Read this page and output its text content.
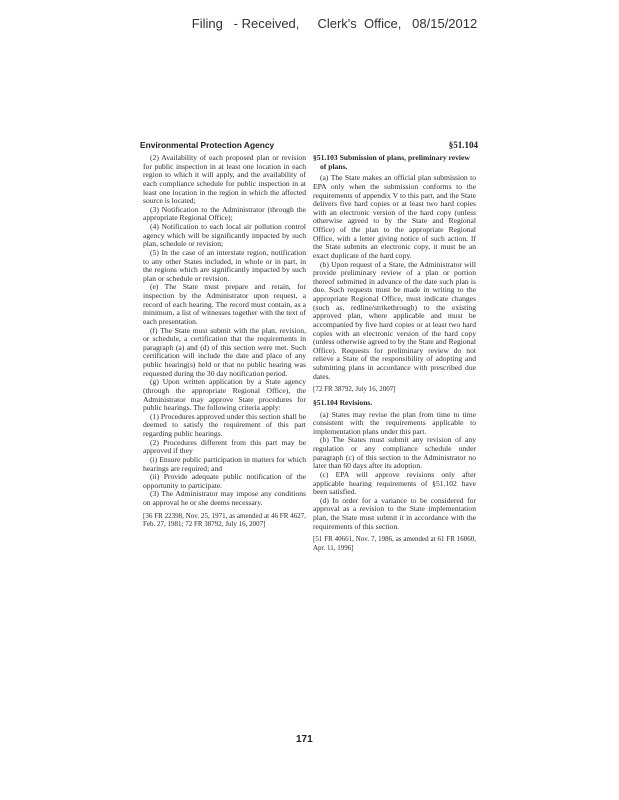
Filing   - Received,     Clerk's  Office,   08/15/2012
Environmental Protection Agency	§51.104

(2) Availability of each proposed plan or revision for public inspection in at least one location in each region to which it will apply, and the availability of each compliance schedule for public inspection in at least one location in the region in which the affected source is located;

(3) Notification to the Administrator (through the appropriate Regional Office);

(4) Notification to each local air pollution control agency which will be significantly impacted by such plan, schedule or revision;

(5) In the case of an interstate region, notification to any other States included, in whole or in part, in the regions which are significantly impacted by such plan or schedule or revision.

(e) The State must prepare and retain, for inspection by the Administrator upon request, a record of each hearing. The record must contain, as a minimum, a list of witnesses together with the text of each presentation.

(f) The State must submit with the plan, revision, or schedule, a certification that the requirements in paragraph (a) and (d) of this section were met. Such certification will include the date and place of any public hearing(s) held or that no public hearing was requested during the 30 day notification period.

(g) Upon written application by a State agency (through the appropriate Regional Office), the Administrator may approve State procedures for public hearings. The following criteria apply:

(1) Procedures approved under this section shall be deemed to satisfy the requirement of this part regarding public hearings.

(2) Procedures different from this part may be approved if they

(i) Ensure public participation in matters for which hearings are required; and

(ii) Provide adequate public notification of the opportunity to participate.

(3) The Administrator may impose any conditions on approval he or she deems necessary.

[36 FR 22398, Nov. 25, 1971, as amended at 46 FR 4627, Feb. 27, 1981; 72 FR 38792, July 16, 2007]

§51.103 Submission of plans, preliminary review of plans.

(a) The State makes an official plan submission to EPA only when the submission conforms to the requirements of appendix V to this part, and the State delivers five hard copies or at least two hard copies with an electronic version of the hard copy (unless otherwise agreed to by the State and Regional Office) of the plan to the appropriate Regional Office, with a letter giving notice of such action. If the State submits an electronic copy, it must be an exact duplicate of the hard copy.

(b) Upon request of a State, the Administrator will provide preliminary review of a plan or portion thereof submitted in advance of the date such plan is due. Such requests must be made in writing to the appropriate Regional Office, must indicate changes (such as, redline/strikethrough) to the existing approved plan, where applicable and must be accompanied by five hard copies or at least two hard copies with an electronic version of the hard copy (unless otherwise agreed to by the State and Regional Office). Requests for preliminary review do not relieve a State of the responsibility of adopting and submitting plans in accordance with prescribed due dates.

[72 FR 38792, July 16, 2007]

§51.104 Revisions.

(a) States may revise the plan from time to time consistent with the requirements applicable to implementation plans under this part.

(b) The States must submit any revision of any regulation or any compliance schedule under paragraph (c) of this section to the Administrator no later than 60 days after its adoption.

(c) EPA will approve revisions only after applicable hearing requirements of §51.102 have been satisfied.

(d) In order for a variance to be considered for approval as a revision to the State implementation plan, the State must submit it in accordance with the requirements of this section.

[51 FR 40661, Nov. 7, 1986, as amended at 61 FR 16060, Apr. 11, 1996]

171
